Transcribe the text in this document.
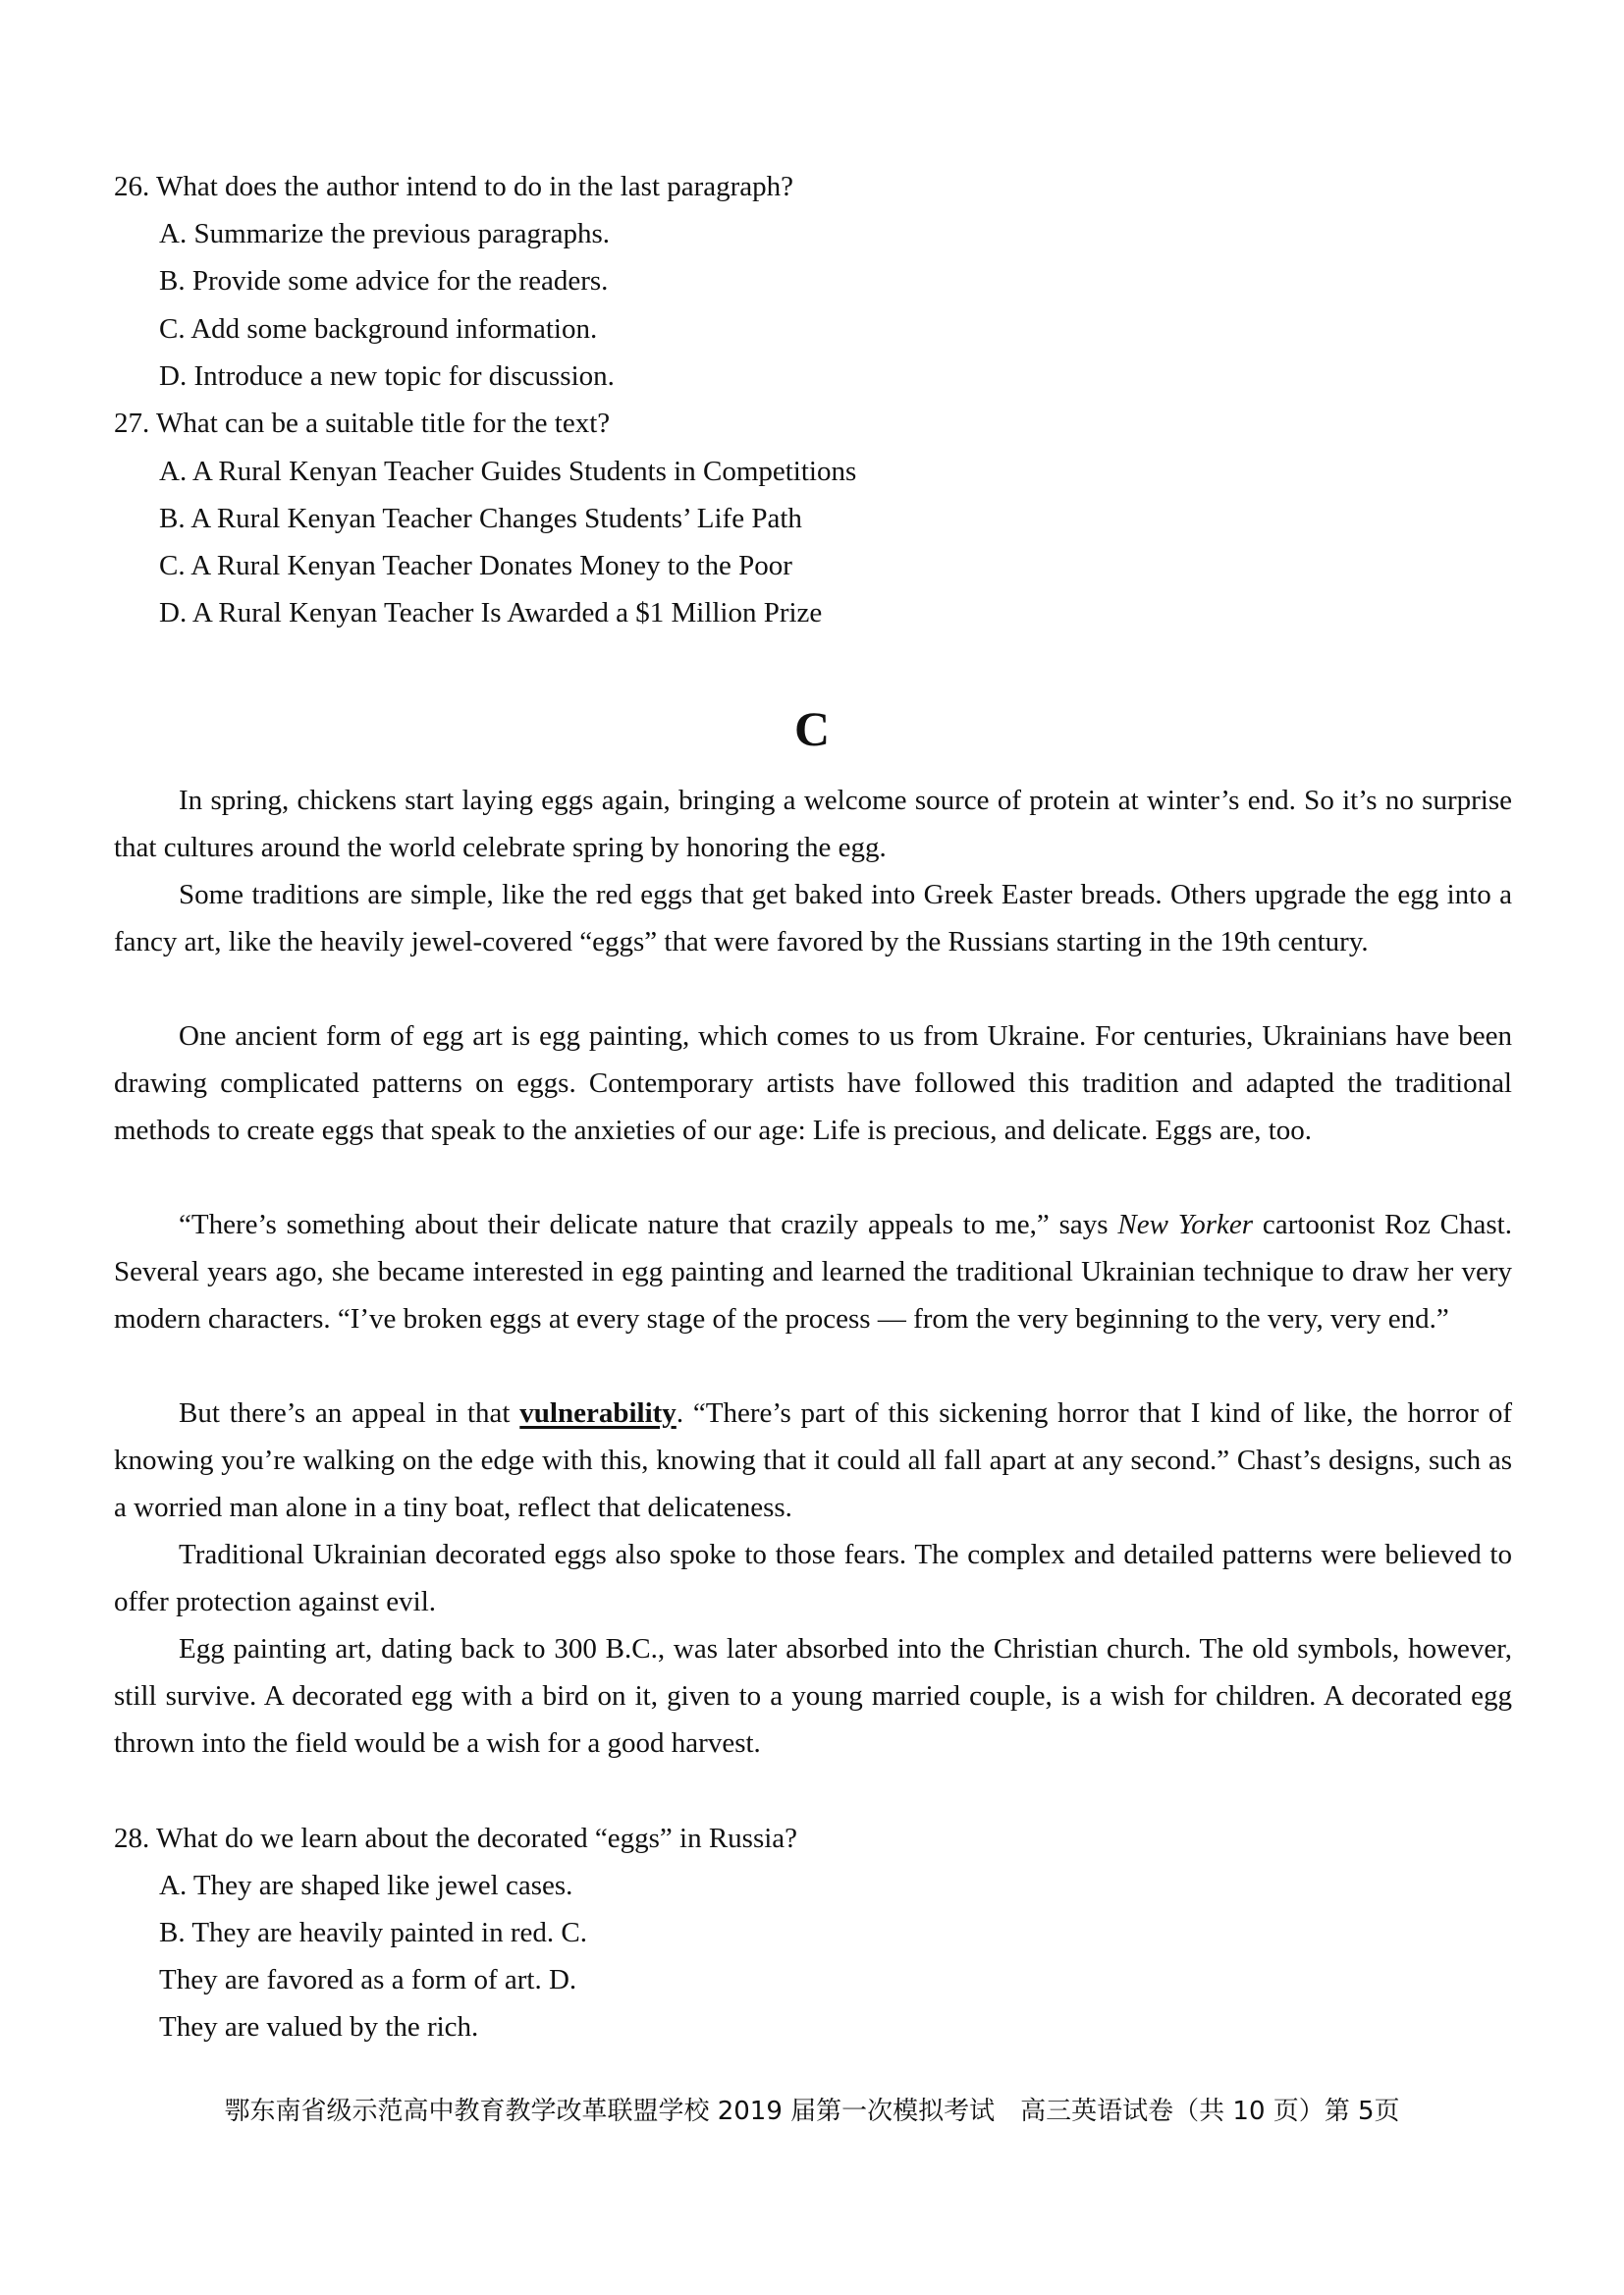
26. What does the author intend to do in the last paragraph?
A. Summarize the previous paragraphs.
B. Provide some advice for the readers.
C. Add some background information.
D. Introduce a new topic for discussion.
27. What can be a suitable title for the text?
A. A Rural Kenyan Teacher Guides Students in Competitions
B. A Rural Kenyan Teacher Changes Students’ Life Path
C. A Rural Kenyan Teacher Donates Money to the Poor
D. A Rural Kenyan Teacher Is Awarded a $1 Million Prize
C

In spring, chickens start laying eggs again, bringing a welcome source of protein at winter’s end. So it’s no surprise that cultures around the world celebrate spring by honoring the egg.

Some traditions are simple, like the red eggs that get baked into Greek Easter breads. Others upgrade the egg into a fancy art, like the heavily jewel-covered “eggs” that were favored by the Russians starting in the 19th century.

One ancient form of egg art is egg painting, which comes to us from Ukraine. For centuries, Ukrainians have been drawing complicated patterns on eggs. Contemporary artists have followed this tradition and adapted the traditional methods to create eggs that speak to the anxieties of our age: Life is precious, and delicate. Eggs are, too.

“There’s something about their delicate nature that crazily appeals to me,” says New Yorker cartoonist Roz Chast. Several years ago, she became interested in egg painting and learned the traditional Ukrainian technique to draw her very modern characters. “I’ve broken eggs at every stage of the process — from the very beginning to the very, very end.”

But there’s an appeal in that vulnerability. “There’s part of this sickening horror that I kind of like, the horror of knowing you’re walking on the edge with this, knowing that it could all fall apart at any second.” Chast’s designs, such as a worried man alone in a tiny boat, reflect that delicateness.

Traditional Ukrainian decorated eggs also spoke to those fears. The complex and detailed patterns were believed to offer protection against evil.

Egg painting art, dating back to 300 B.C., was later absorbed into the Christian church. The old symbols, however, still survive. A decorated egg with a bird on it, given to a young married couple, is a wish for children. A decorated egg thrown into the field would be a wish for a good harvest.

28. What do we learn about the decorated “eggs” in Russia?
A. They are shaped like jewel cases.
B. They are heavily painted in red. C.
They are favored as a form of art. D.
They are valued by the rich.
鄂东南省级示范高中教育教学改革联盟学校 2019 届第一次模拟考试　高三英语试卷（共 10 页）第 5页
